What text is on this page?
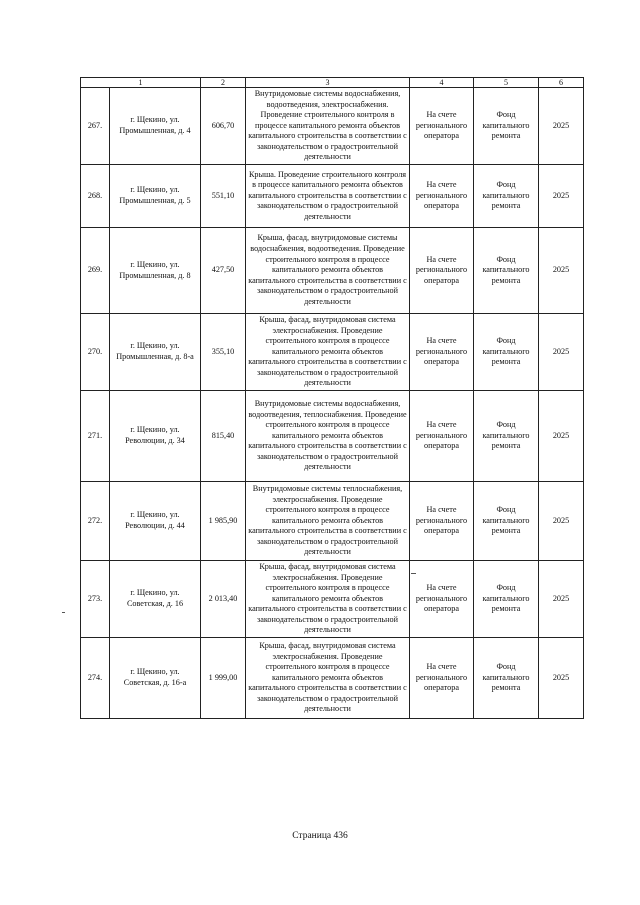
1		2	3	4	5	6
267.	г. Щекино, ул. Промышленная, д. 4	606,70	Внутридомовые системы водоснабжения, водоотведения, электроснабжения. Проведение строительного контроля в процессе капитального ремонта объектов капитального строительства в соответствии с законодательством о градостроительной деятельности	На счете регионального оператора	Фонд капитального ремонта	2025
268.	г. Щекино, ул. Промышленная, д. 5	551,10	Крыша. Проведение строительного контроля в процессе капитального ремонта объектов капитального строительства в соответствии с законодательством о градостроительной деятельности	На счете регионального оператора	Фонд капитального ремонта	2025
269.	г. Щекино, ул. Промышленная, д. 8	427,50	Крыша, фасад, внутридомовые системы водоснабжения, водоотведения. Проведение строительного контроля в процессе капитального ремонта объектов капитального строительства в соответствии с законодательством о градостроительной деятельности	На счете регионального оператора	Фонд капитального ремонта	2025
270.	г. Щекино, ул. Промышленная, д. 8-а	355,10	Крыша, фасад, внутридомовая система электроснабжения. Проведение строительного контроля в процессе капитального ремонта объектов капитального строительства в соответствии с законодательством о градостроительной деятельности	На счете регионального оператора	Фонд капитального ремонта	2025
271.	г. Щекино, ул. Революции, д. 34	815,40	Внутридомовые системы водоснабжения, водоотведения, теплоснабжения. Проведение строительного контроля в процессе капитального ремонта объектов капитального строительства в соответствии с законодательством о градостроительной деятельности	На счете регионального оператора	Фонд капитального ремонта	2025
272.	г. Щекино, ул. Революции, д. 44	1 985,90	Внутридомовые системы теплоснабжения, электроснабжения. Проведение строительного контроля в процессе капитального ремонта объектов капитального строительства в соответствии с законодательством о градостроительной деятельности	На счете регионального оператора	Фонд капитального ремонта	2025
273.	г. Щекино, ул. Советская, д. 16	2 013,40	Крыша, фасад, внутридомовая система электроснабжения. Проведение строительного контроля в процессе капитального ремонта объектов капитального строительства в соответствии с законодательством о градостроительной деятельности	На счете регионального оператора	Фонд капитального ремонта	2025
274.	г. Щекино, ул. Советская, д. 16-а	1 999,00	Крыша, фасад, внутридомовая система электроснабжения. Проведение строительного контроля в процессе капитального ремонта объектов капитального строительства в соответствии с законодательством о градостроительной деятельности	На счете регионального оператора	Фонд капитального ремонта	2025
Страница 436
